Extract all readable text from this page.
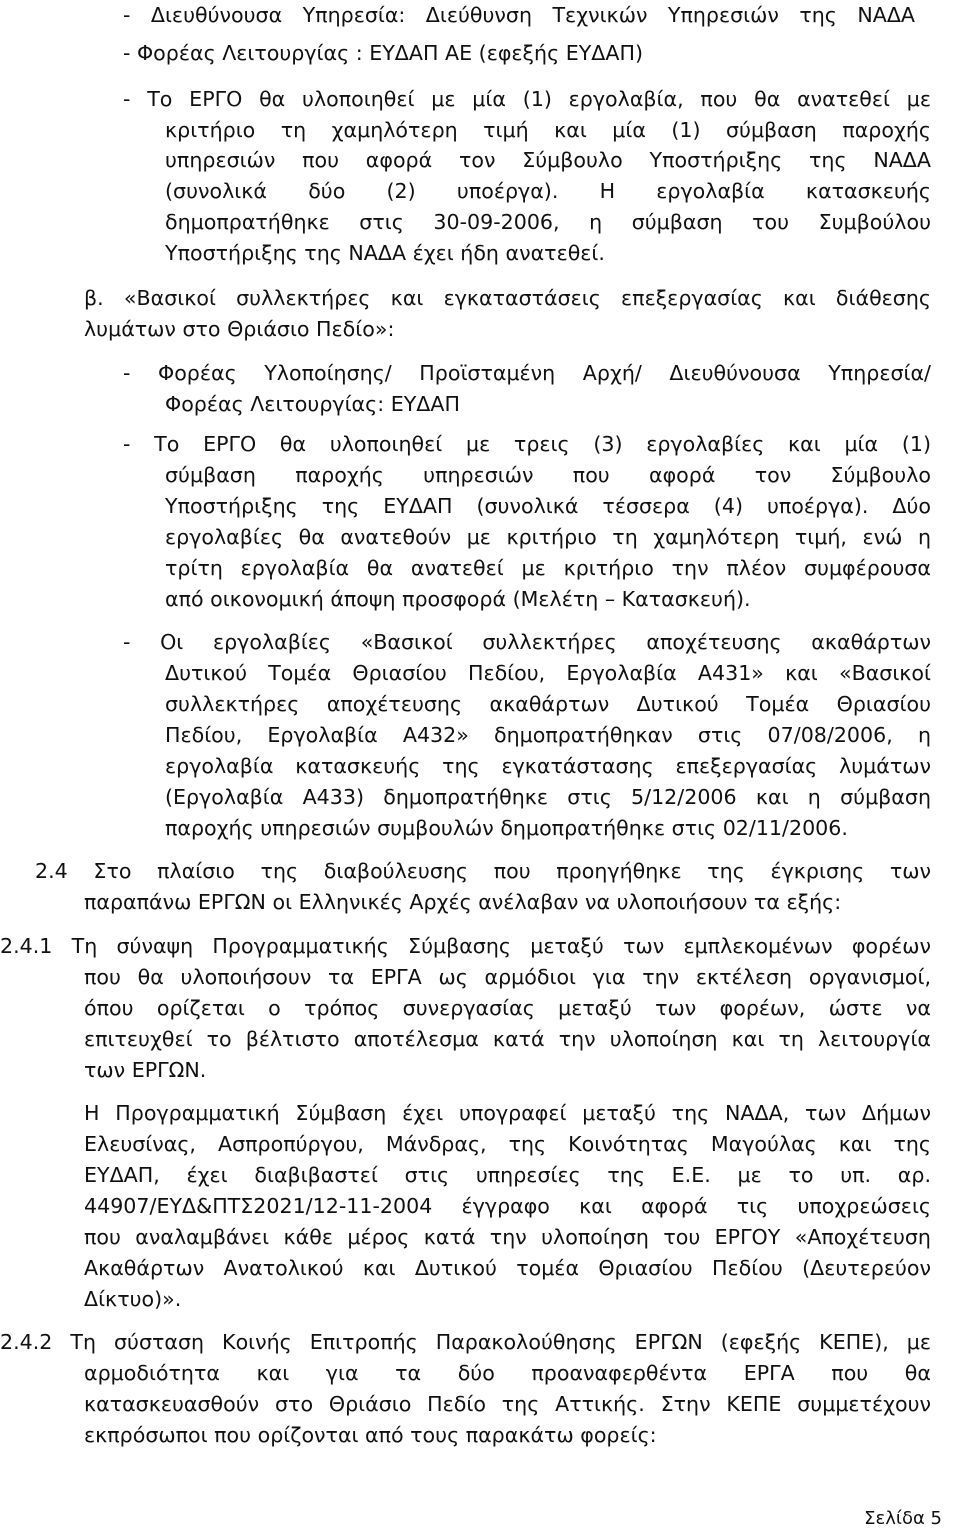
- Διευθύνουσα Υπηρεσία: Διεύθυνση Τεχνικών Υπηρεσιών της ΝΑΔΑ
- Φορέας Λειτουργίας : ΕΥΔΑΠ ΑΕ (εφεξής ΕΥΔΑΠ)
- Το ΕΡΓΟ θα υλοποιηθεί με μία (1) εργολαβία, που θα ανατεθεί με
κριτήριο τη χαμηλότερη τιμή και μία (1) σύμβαση παροχής
υπηρεσιών που αφορά τον Σύμβουλο Υποστήριξης της ΝΑΔΑ
(συνολικά δύο (2) υποέργα). Η εργολαβία κατασκευής
δημοπρατήθηκε στις 30-09-2006, η σύμβαση του Συμβούλου
Υποστήριξης της ΝΑΔΑ έχει ήδη ανατεθεί.
β. «Βασικοί συλλεκτήρες και εγκαταστάσεις επεξεργασίας και διάθεσης
λυμάτων στο Θριάσιο Πεδίο»:
- Φορέας Υλοποίησης/ Προϊσταμένη Αρχή/ Διευθύνουσα Υπηρεσία/
Φορέας Λειτουργίας: ΕΥΔΑΠ
- Το ΕΡΓΟ θα υλοποιηθεί με τρεις (3) εργολαβίες και μία (1)
σύμβαση παροχής υπηρεσιών που αφορά τον Σύμβουλο
Υποστήριξης της ΕΥΔΑΠ (συνολικά τέσσερα (4) υποέργα). Δύο
εργολαβίες θα ανατεθούν με κριτήριο τη χαμηλότερη τιμή, ενώ η
τρίτη εργολαβία θα ανατεθεί με κριτήριο την πλέον συμφέρουσα
από οικονομική άποψη προσφορά (Μελέτη – Κατασκευή).
- Οι εργολαβίες «Βασικοί συλλεκτήρες αποχέτευσης ακαθάρτων
Δυτικού Τομέα Θριασίου Πεδίου, Εργολαβία Α431» και «Βασικοί
συλλεκτήρες αποχέτευσης ακαθάρτων Δυτικού Τομέα Θριασίου
Πεδίου, Εργολαβία Α432» δημοπρατήθηκαν στις 07/08/2006, η
εργολαβία κατασκευής της εγκατάστασης επεξεργασίας λυμάτων
(Εργολαβία Α433) δημοπρατήθηκε στις 5/12/2006 και η σύμβαση
παροχής υπηρεσιών συμβουλών δημοπρατήθηκε στις 02/11/2006.
2.4 Στο πλαίσιο της διαβούλευσης που προηγήθηκε της έγκρισης των
παραπάνω ΕΡΓΩΝ οι Ελληνικές Αρχές ανέλαβαν να υλοποιήσουν τα εξής:
2.4.1 Τη σύναψη Προγραμματικής Σύμβασης μεταξύ των εμπλεκομένων φορέων
που θα υλοποιήσουν τα ΕΡΓΑ ως αρμόδιοι για την εκτέλεση οργανισμοί,
όπου ορίζεται ο τρόπος συνεργασίας μεταξύ των φορέων, ώστε να
επιτευχθεί το βέλτιστο αποτέλεσμα κατά την υλοποίηση και τη λειτουργία
των ΕΡΓΩΝ.
Η Προγραμματική Σύμβαση έχει υπογραφεί μεταξύ της ΝΑΔΑ, των Δήμων
Ελευσίνας, Ασπροπύργου, Μάνδρας, της Κοινότητας Μαγούλας και της
ΕΥΔΑΠ, έχει διαβιβαστεί στις υπηρεσίες της Ε.Ε. με το υπ. αρ.
44907/ΕΥΔ&ΠΤΣ2021/12-11-2004 έγγραφο και αφορά τις υποχρεώσεις
που αναλαμβάνει κάθε μέρος κατά την υλοποίηση του ΕΡΓΟΥ «Αποχέτευση
Ακαθάρτων Ανατολικού και Δυτικού τομέα Θριασίου Πεδίου (Δευτερεύον
Δίκτυο)».
2.4.2 Τη σύσταση Κοινής Επιτροπής Παρακολούθησης ΕΡΓΩΝ (εφεξής ΚΕΠΕ), με
αρμοδιότητα και για τα δύο προαναφερθέντα ΕΡΓΑ που θα
κατασκευασθούν στο Θριάσιο Πεδίο της Αττικής. Στην ΚΕΠΕ συμμετέχουν
εκπρόσωποι που ορίζονται από τους παρακάτω φορείς:
Σελίδα 5
